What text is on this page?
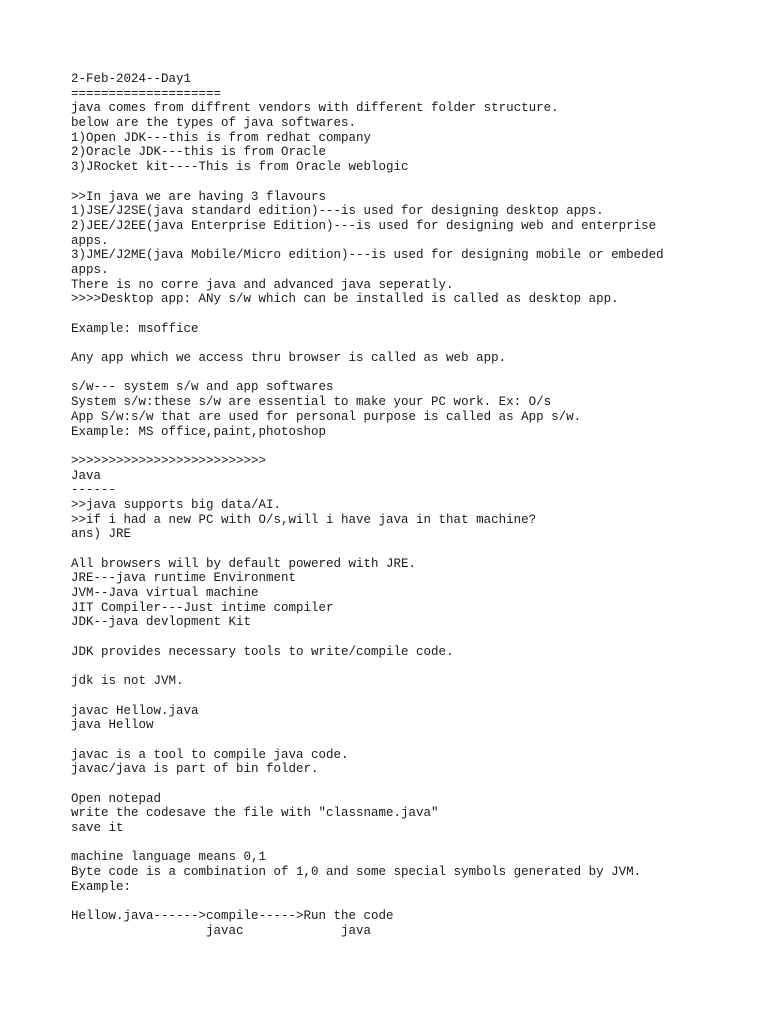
2-Feb-2024--Day1
====================
java comes from diffrent vendors with different folder structure.
below are the types of java softwares.
1)Open JDK---this is from redhat company
2)Oracle JDK---this is from Oracle
3)JRocket kit----This is from Oracle weblogic
>>In java we are having 3 flavours
1)JSE/J2SE(java standard edition)---is used for designing desktop apps.
2)JEE/J2EE(java Enterprise Edition)---is used for designing web and enterprise
apps.
3)JME/J2ME(java Mobile/Micro edition)---is used for designing mobile or embeded
apps.
There is no corre java and advanced java seperatly.
>>>>Desktop app: ANy s/w which can be installed is called as desktop app.
Example: msoffice
Any app which we access thru browser is called as web app.
s/w--- system s/w and app softwares
System s/w:these s/w are essential to make your PC work. Ex: O/s
App S/w:s/w that are used for personal purpose is called as App s/w.
Example: MS office,paint,photoshop
>>>>>>>>>>>>>>>>>>>>>>>>>>
Java
------
>>java supports big data/AI.
>>if i had a new PC with O/s,will i have java in that machine?
ans) JRE
All browsers will by default powered with JRE.
JRE---java runtime Environment
JVM--Java virtual machine
JIT Compiler---Just intime compiler
JDK--java devlopment Kit
JDK provides necessary tools to write/compile code.
jdk is not JVM.
javac Hellow.java
java Hellow
javac is a tool to compile java code.
javac/java is part of bin folder.
Open notepad
write the codesave the file with "classname.java"
save it
machine language means 0,1
Byte code is a combination of 1,0 and some special symbols generated by JVM.
Example:
Hellow.java------>compile----->Run the code
javac             java
